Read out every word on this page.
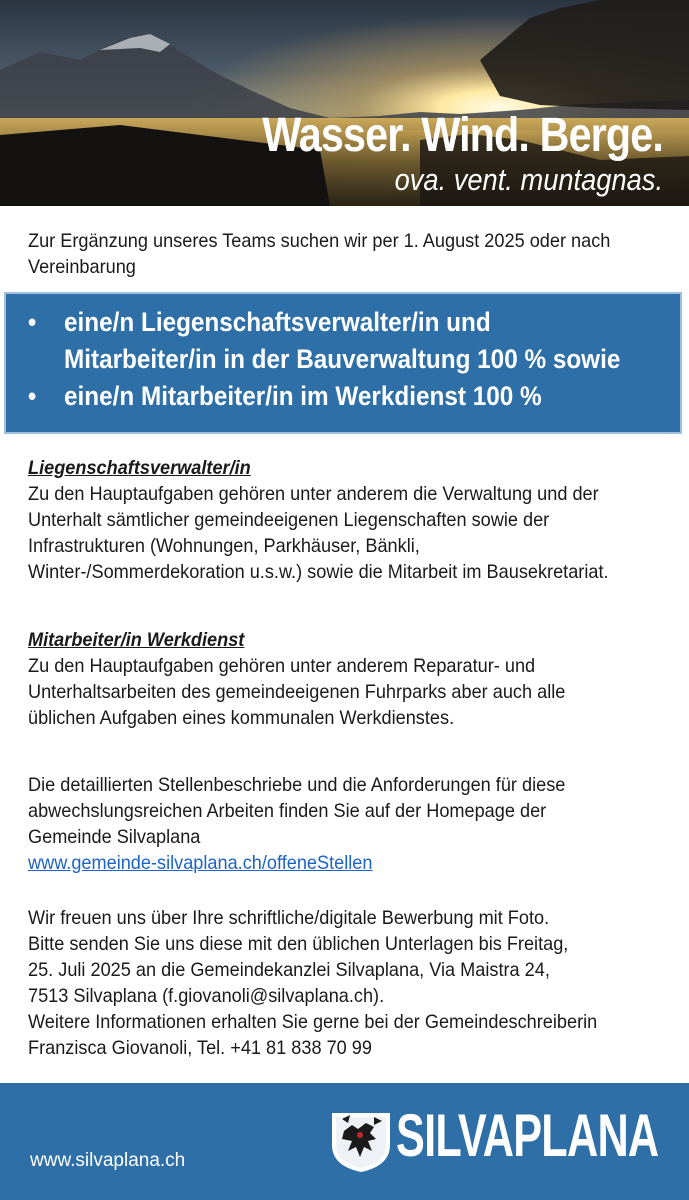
Wasser. Wind. Berge.
ova. vent. muntagnas.

Zur Ergänzung unseres Teams suchen wir per 1. August 2025 oder nach Vereinbarung

•	eine/n Liegenschaftsverwalter/in und Mitarbeiter/in in der Bauverwaltung 100 % sowie
•	eine/n Mitarbeiter/in im Werkdienst 100 %

Liegenschaftsverwalter/in

Zu den Hauptaufgaben gehören unter anderem die Verwaltung und der Unterhalt sämtlicher gemeindeeigenen Liegenschaften sowie der Infrastrukturen (Wohnungen, Parkhäuser, Bänkli, Winter-/Sommerdekoration u.s.w.) sowie die Mitarbeit im Bausekretariat.

Mitarbeiter/in Werkdienst

Zu den Hauptaufgaben gehören unter anderem Reparatur- und Unterhaltsarbeiten des gemeindeeigenen Fuhrparks aber auch alle üblichen Aufgaben eines kommunalen Werkdienstes.

Die detaillierten Stellenbeschriebe und die Anforderungen für diese abwechslungsreichen Arbeiten finden Sie auf der Homepage der Gemeinde Silvaplana

www.gemeinde-silvaplana.ch/offeneStellen

Wir freuen uns über Ihre schriftliche/digitale Bewerbung mit Foto.

Bitte senden Sie uns diese mit den üblichen Unterlagen bis Freitag,

25. Juli 2025 an die Gemeindekanzlei Silvaplana, Via Maistra 24,

7513 Silvaplana (f.giovanoli@silvaplana.ch).

Weitere Informationen erhalten Sie gerne bei der Gemeindeschreiberin

Franzisca Giovanoli, Tel. +41 81 838 70 99

www.silvaplana.ch	SILVAPLANA
